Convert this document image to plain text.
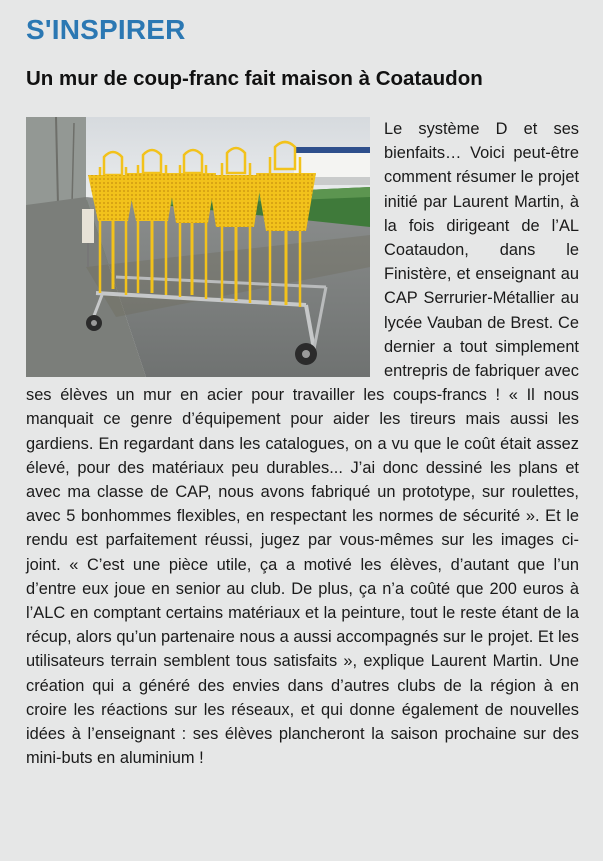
S'INSPIRER
Un mur de coup-franc fait maison à Coataudon
Le système D et ses bienfaits… Voici peut-être comment résumer le projet initié par Laurent Martin, à la fois dirigeant de l’AL Coataudon, dans le Finistère, et enseignant au CAP Serrurier-Métallier au lycée Vauban de Brest. Ce dernier a tout simplement entrepris de fabriquer avec ses élèves un mur en acier pour travailler les coups-francs ! « Il nous manquait ce genre d’équipement pour aider les tireurs mais aussi les gardiens. En regardant dans les catalogues, on a vu que le coût était assez élevé, pour des matériaux peu durables... J’ai donc dessiné les plans et avec ma classe de CAP, nous avons fabriqué un prototype, sur roulettes, avec 5 bonhommes flexibles, en respectant les normes de sécurité ». Et le rendu est parfaitement réussi, jugez par vous-mêmes sur les images ci-joint. « C’est une pièce utile, ça a motivé les élèves, d’autant que l’un d’entre eux joue en senior au club. De plus, ça n’a coûté que 200 euros à l’ALC en comptant certains matériaux et la peinture, tout le reste étant de la récup, alors qu’un partenaire nous a aussi accompagnés sur le projet. Et les utilisateurs terrain semblent tous satisfaits », explique Laurent Martin. Une création qui a généré des envies dans d’autres clubs de la région à en croire les réactions sur les réseaux, et qui donne également de nouvelles idées à l’enseignant : ses élèves plancheront la saison prochaine sur des mini-buts en aluminium !
